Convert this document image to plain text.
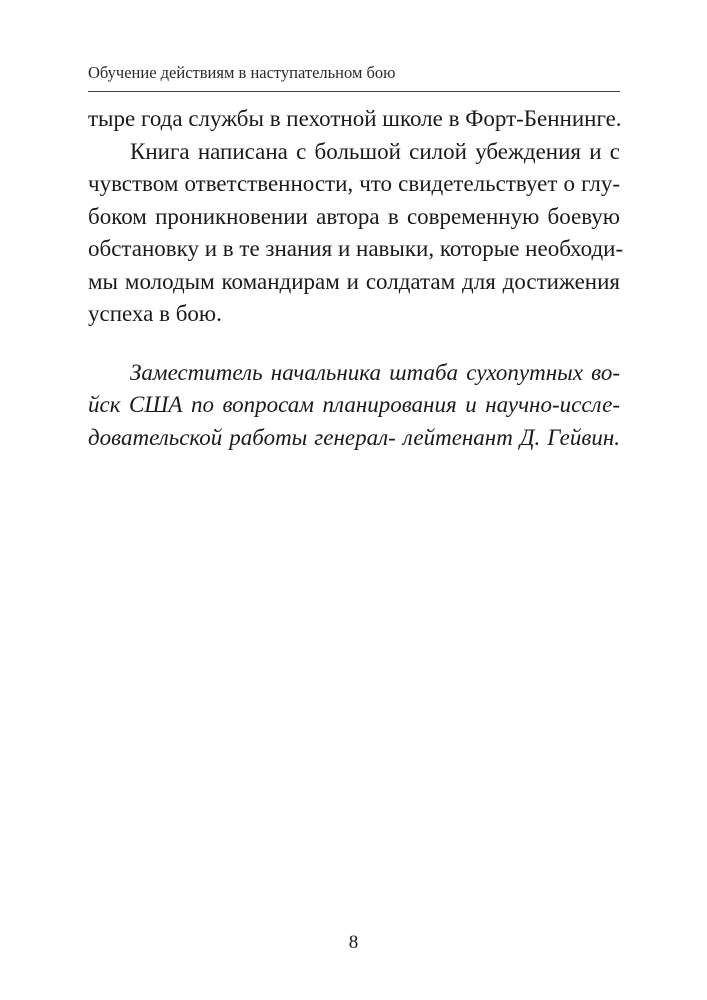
Обучение действиям в наступательном бою
тыре года службы в пехотной школе в Форт-Беннинге.
Книга написана с большой силой убеждения и с
чувством ответственности, что свидетельствует о глу-
боком проникновении автора в современную боевую
обстановку и в те знания и навыки, которые необходи-
мы молодым командирам и солдатам для достижения
успеха в бою.
Заместитель начальника штаба сухопутных во-
йск США по вопросам планирования и научно-иссле-
довательской работы генерал- лейтенант Д. Гейвин.
8
